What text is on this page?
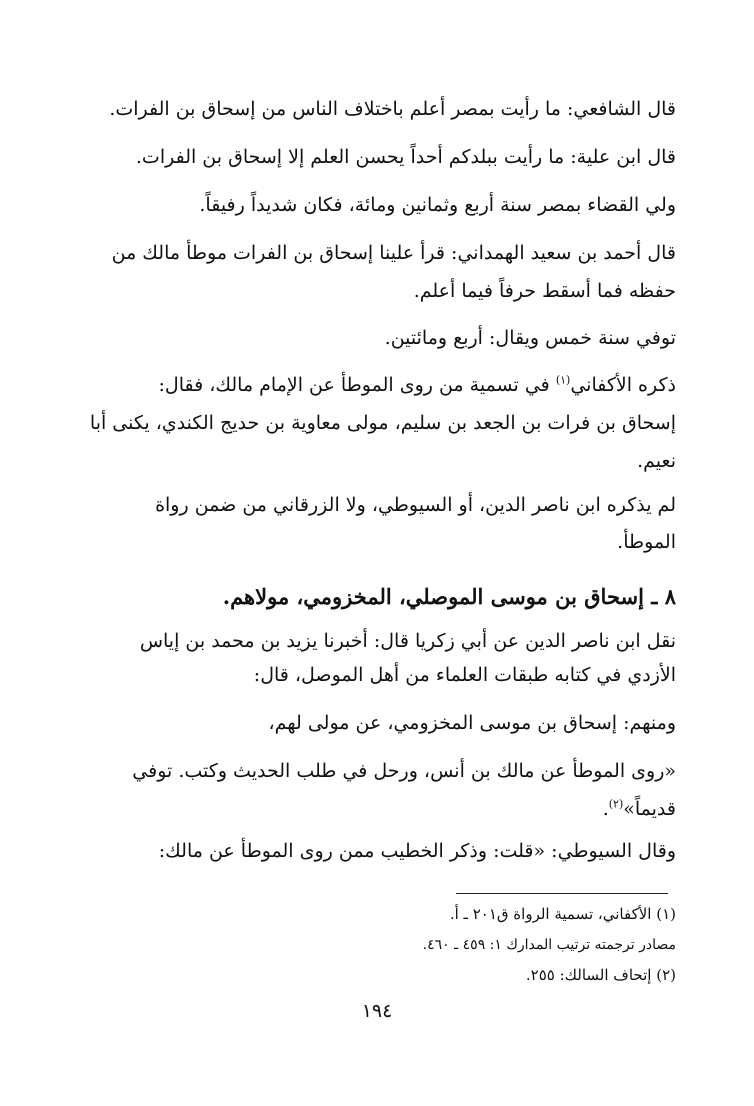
قال الشافعي: ما رأيت بمصر أعلم باختلاف الناس من إسحاق بن الفرات.
قال ابن علية: ما رأيت ببلدكم أحداً يحسن العلم إلا إسحاق بن الفرات.
ولي القضاء بمصر سنة أربع وثمانين ومائة، فكان شديداً رفيقاً.
قال أحمد بن سعيد الهمداني: قرأ علينا إسحاق بن الفرات موطأ مالك من
حفظه فما أسقط حرفاً فيما أعلم.
توفي سنة خمس ويقال: أربع ومائتين.
ذكره الأكفاني$^{(١)}$ في تسمية من روى الموطأ عن الإمام مالك، فقال:
إسحاق بن فرات بن الجعد بن سليم، مولى معاوية بن حديج الكندي، يكنى أبا
نعيم.
لم يذكره ابن ناصر الدين، أو السيوطي، ولا الزرقاني من ضمن رواة
الموطأ.
٨ ـ إسحاق بن موسى الموصلي، المخزومي، مولاهم.
نقل ابن ناصر الدين عن أبي زكريا قال: أخبرنا يزيد بن محمد بن إياس
الأزدي في كتابه طبقات العلماء من أهل الموصل، قال:
ومنهم: إسحاق بن موسى المخزومي، عن مولى لهم،
«روى الموطأ عن مالك بن أنس، ورحل في طلب الحديث وكتب. توفي
قديماً»$^{(٢)}$.
وقال السيوطي: «قلت: وذكر الخطيب ممن روى الموطأ عن مالك:
(١) الأكفاني، تسمية الرواة ق٢٠١ ـ أ.
مصادر ترجمته ترتيب المدارك ١: ٤٥٩ ـ ٤٦٠.
(٢) إتحاف السالك: ٢٥٥.
١٩٤
